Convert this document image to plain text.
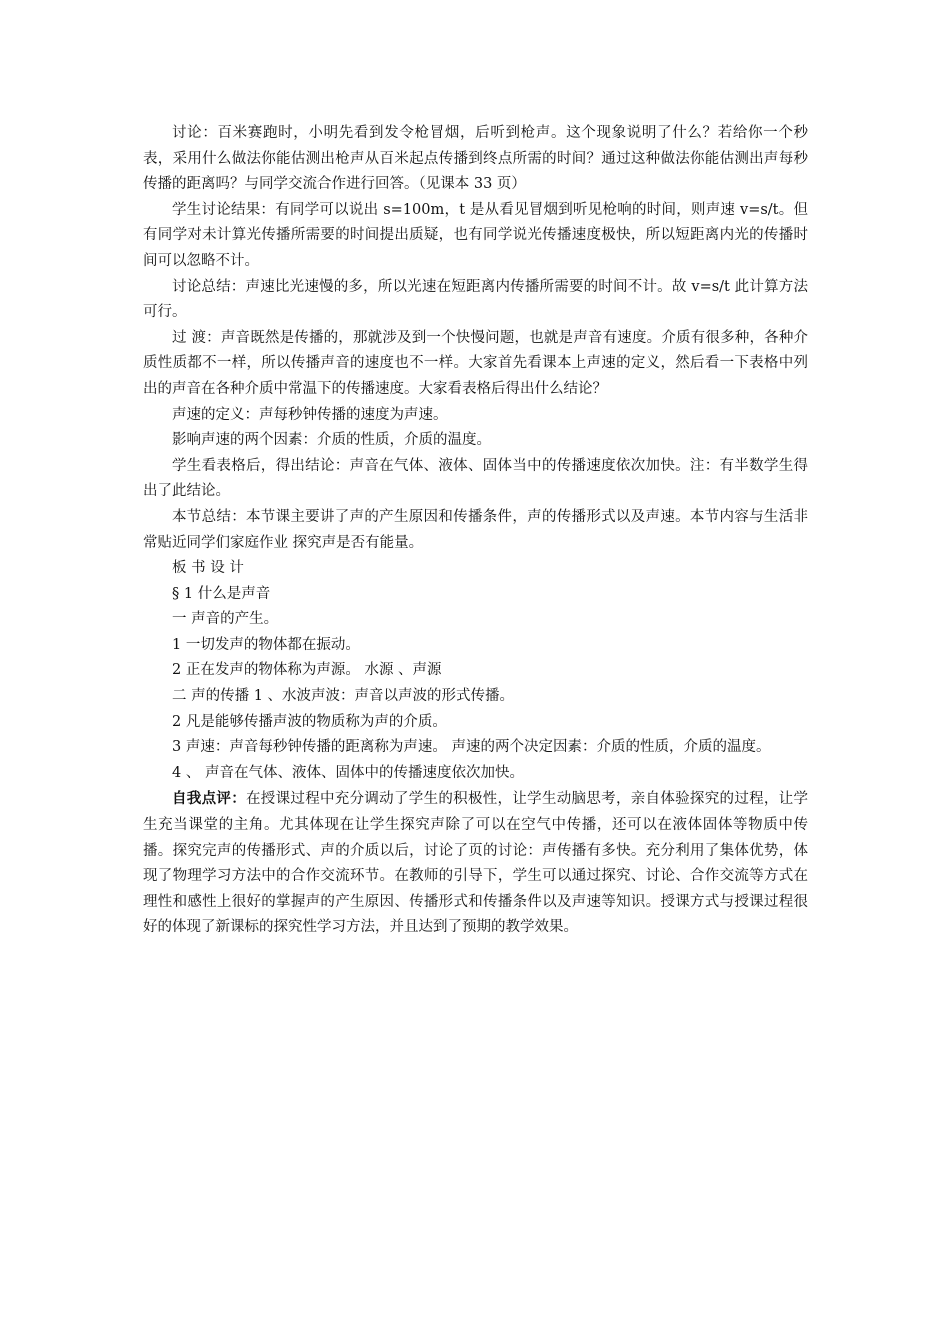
讨论：百米赛跑时，小明先看到发令枪冒烟，后听到枪声。这个现象说明了什么？若给你一个秒表，采用什么做法你能估测出枪声从百米起点传播到终点所需的时间？通过这种做法你能估测出声每秒传播的距离吗？与同学交流合作进行回答。（见课本 33 页）

学生讨论结果：有同学可以说出 s=100m，t 是从看见冒烟到听见枪响的时间，则声速 v=s/t。但有同学对未计算光传播所需要的时间提出质疑，也有同学说光传播速度极快，所以短距离内光的传播时间可以忽略不计。

讨论总结：声速比光速慢的多，所以光速在短距离内传播所需要的时间不计。故 v=s/t 此计算方法可行。

过 渡：声音既然是传播的，那就涉及到一个快慢问题，也就是声音有速度。介质有很多种，各种介质性质都不一样，所以传播声音的速度也不一样。大家首先看课本上声速的定义，然后看一下表格中列出的声音在各种介质中常温下的传播速度。大家看表格后得出什么结论？

声速的定义：声每秒钟传播的速度为声速。

影响声速的两个因素：介质的性质，介质的温度。

学生看表格后，得出结论：声音在气体、液体、固体当中的传播速度依次加快。注：有半数学生得出了此结论。

本节总结：本节课主要讲了声的产生原因和传播条件，声的传播形式以及声速。本节内容与生活非常贴近同学们家庭作业 探究声是否有能量。

板 书 设 计

§ 1 什么是声音

一 声音的产生。

1 一切发声的物体都在振动。

2 正在发声的物体称为声源。 水源 、声源

二 声的传播 1 、水波声波：声音以声波的形式传播。

2 凡是能够传播声波的物质称为声的介质。

3 声速：声音每秒钟传播的距离称为声速。 声速的两个决定因素：介质的性质，介质的温度。

4 、 声音在气体、液体、固体中的传播速度依次加快。

自我点评：在授课过程中充分调动了学生的积极性，让学生动脑思考，亲自体验探究的过程，让学生充当课堂的主角。尤其体现在让学生探究声除了可以在空气中传播，还可以在液体固体等物质中传播。探究完声的传播形式、声的介质以后，讨论了页的讨论：声传播有多快。充分利用了集体优势，体现了物理学习方法中的合作交流环节。在教师的引导下，学生可以通过探究、讨论、合作交流等方式在理性和感性上很好的掌握声的产生原因、传播形式和传播条件以及声速等知识。授课方式与授课过程很好的体现了新课标的探究性学习方法，并且达到了预期的教学效果。
